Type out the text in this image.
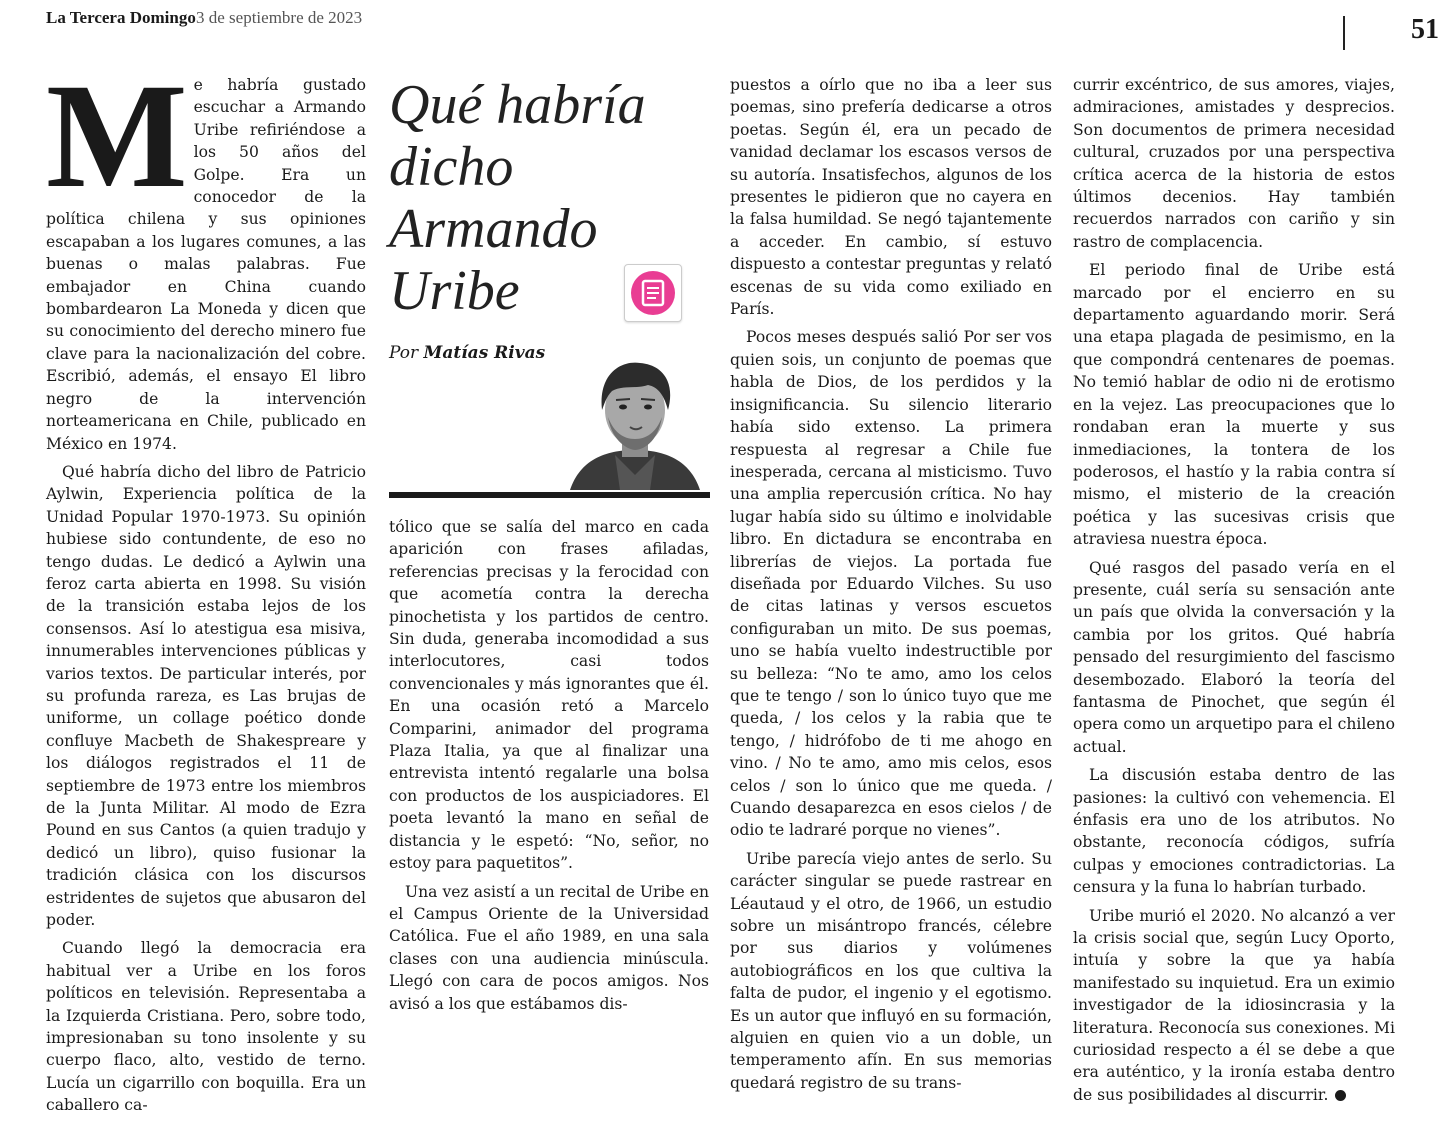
La Tercera Domingo 3 de septiembre de 2023	51

Me habría gustado escuchar a Armando Uribe refiriéndose a los 50 años del Golpe. Era un conocedor de la política chilena y sus opiniones escapaban a los lugares comunes, a las buenas o malas palabras. Fue embajador en China cuando bombardearon La Moneda y dicen que su conocimiento del derecho minero fue clave para la nacionalización del cobre. Escribió, además, el ensayo El libro negro de la intervención norteamericana en Chile, publicado en México en 1974.

Qué habría dicho del libro de Patricio Aylwin, Experiencia política de la Unidad Popular 1970-1973. Su opinión hubiese sido contundente, de eso no tengo dudas. Le dedicó a Aylwin una feroz carta abierta en 1998. Su visión de la transición estaba lejos de los consensos. Así lo atestigua esa misiva, innumerables intervenciones públicas y varios textos. De particular interés, por su profunda rareza, es Las brujas de uniforme, un collage poético donde confluye Macbeth de Shakespreare y los diálogos registrados el 11 de septiembre de 1973 entre los miembros de la Junta Militar. Al modo de Ezra Pound en sus Cantos (a quien tradujo y dedicó un libro), quiso fusionar la tradición clásica con los discursos estridentes de sujetos que abusaron del poder.

Cuando llegó la democracia era habitual ver a Uribe en los foros políticos en televisión. Representaba a la Izquierda Cristiana. Pero, sobre todo, impresionaban su tono insolente y su cuerpo flaco, alto, vestido de terno. Lucía un cigarrillo con boquilla. Era un caballero ca-

Qué habría
dicho
Armando
Uribe
Por Matías Rivas

tólico que se salía del marco en cada aparición con frases afiladas, referencias precisas y la ferocidad con que acometía contra la derecha pinochetista y los partidos de centro. Sin duda, generaba incomodidad a sus interlocutores, casi todos convencionales y más ignorantes que él. En una ocasión retó a Marcelo Comparini, animador del programa Plaza Italia, ya que al finalizar una entrevista intentó regalarle una bolsa con productos de los auspiciadores. El poeta levantó la mano en señal de distancia y le espetó: “No, señor, no estoy para paquetitos”.

Una vez asistí a un recital de Uribe en el Campus Oriente de la Universidad Católica. Fue el año 1989, en una sala clases con una audiencia minúscula. Llegó con cara de pocos amigos. Nos avisó a los que estábamos dis-

puestos a oírlo que no iba a leer sus poemas, sino prefería dedicarse a otros poetas. Según él, era un pecado de vanidad declamar los escasos versos de su autoría. Insatisfechos, algunos de los presentes le pidieron que no cayera en la falsa humildad. Se negó tajantemente a acceder. En cambio, sí estuvo dispuesto a contestar preguntas y relató escenas de su vida como exiliado en París.

Pocos meses después salió Por ser vos quien sois, un conjunto de poemas que habla de Dios, de los perdidos y la insignificancia. Su silencio literario había sido extenso. La primera respuesta al regresar a Chile fue inesperada, cercana al misticismo. Tuvo una amplia repercusión crítica. No hay lugar había sido su último e inolvidable libro. En dictadura se encontraba en librerías de viejos. La portada fue diseñada por Eduardo Vilches. Su uso de citas latinas y versos escuetos configuraban un mito. De sus poemas, uno se había vuelto indestructible por su belleza: “No te amo, amo los celos que te tengo / son lo único tuyo que me queda, / los celos y la rabia que te tengo, / hidrófobo de ti me ahogo en vino. / No te amo, amo mis celos, esos celos / son lo único que me queda. / Cuando desaparezca en esos cielos / de odio te ladraré porque no vienes”.

Uribe parecía viejo antes de serlo. Su carácter singular se puede rastrear en Léautaud y el otro, de 1966, un estudio sobre un misántropo francés, célebre por sus diarios y volúmenes autobiográficos en los que cultiva la falta de pudor, el ingenio y el egotismo. Es un autor que influyó en su formación, alguien en quien vio a un doble, un temperamento afín. En sus memorias quedará registro de su trans-

currir excéntrico, de sus amores, viajes, admiraciones, amistades y desprecios. Son documentos de primera necesidad cultural, cruzados por una perspectiva crítica acerca de la historia de estos últimos decenios. Hay también recuerdos narrados con cariño y sin rastro de complacencia.

El periodo final de Uribe está marcado por el encierro en su departamento aguardando morir. Será una etapa plagada de pesimismo, en la que compondrá centenares de poemas. No temió hablar de odio ni de erotismo en la vejez. Las preocupaciones que lo rondaban eran la muerte y sus inmediaciones, la tontera de los poderosos, el hastío y la rabia contra sí mismo, el misterio de la creación poética y las sucesivas crisis que atraviesa nuestra época.

Qué rasgos del pasado vería en el presente, cuál sería su sensación ante un país que olvida la conversación y la cambia por los gritos. Qué habría pensado del resurgimiento del fascismo desembozado. Elaboró la teoría del fantasma de Pinochet, que según él opera como un arquetipo para el chileno actual.

La discusión estaba dentro de las pasiones: la cultivó con vehemencia. El énfasis era uno de los atributos. No obstante, reconocía códigos, sufría culpas y emociones contradictorias. La censura y la funa lo habrían turbado.

Uribe murió el 2020. No alcanzó a ver la crisis social que, según Lucy Oporto, intuía y sobre la que ya había manifestado su inquietud. Era un eximio investigador de la idiosincrasia y la literatura. Reconocía sus conexiones. Mi curiosidad respecto a él se debe a que era auténtico, y la ironía estaba dentro de sus posibilidades al discurrir.
